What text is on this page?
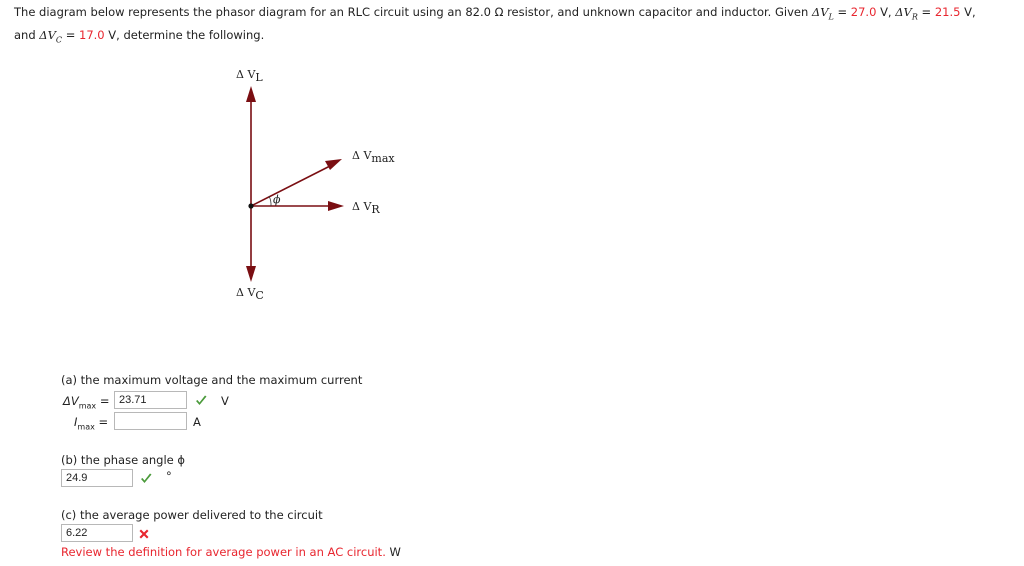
The diagram below represents the phasor diagram for an RLC circuit using an 82.0 Ω resistor, and unknown capacitor and inductor. Given $\Delta V_L = 27.0$ V, $\Delta V_R = 21.5$ V,
and $\Delta V_C = 17.0$ V, determine the following.
ϕ
Δ VL
Δ Vmax
Δ VR
Δ VC
(a) the maximum voltage and the maximum current
$\Delta V_{max} = 23.71$	V
$I_{max}$ =	A
(b) the phase angle ϕ
24.9	°
(c) the average power delivered to the circuit
6.22
Review the definition for average power in an AC circuit. W
